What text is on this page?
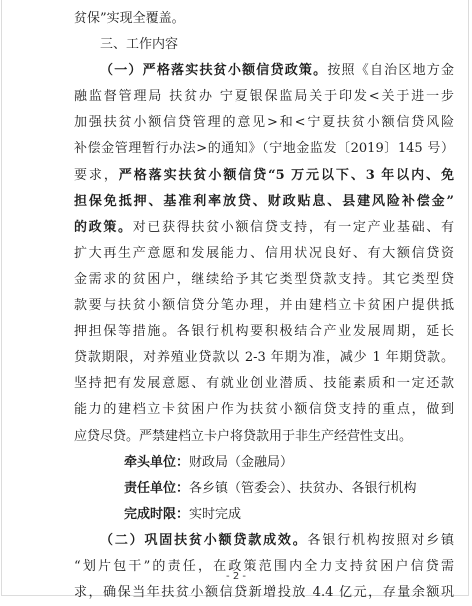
贫保”实现全覆盖。
三、工作内容
（一）严格落实扶贫小额信贷政策。按照《自治区地方金
融监督管理局 扶贫办 宁夏银保监局关于印发<关于进一步
加强扶贫小额信贷管理的意见>和<宁夏扶贫小额信贷风险
补偿金管理暂行办法>的通知》（宁地金监发〔2019〕145 号）
要求，严格落实扶贫小额信贷“5 万元以下、3 年以内、免
担保免抵押、基准利率放贷、财政贴息、县建风险补偿金”
的政策。对已获得扶贫小额信贷支持，有一定产业基础、有
扩大再生产意愿和发展能力、信用状况良好、有大额信贷资
金需求的贫困户，继续给予其它类型贷款支持。其它类型贷
款要与扶贫小额信贷分笔办理，并由建档立卡贫困户提供抵
押担保等措施。各银行机构要积极结合产业发展周期，延长
贷款期限，对养殖业贷款以 2-3 年期为准，减少 1 年期贷款。
坚持把有发展意愿、有就业创业潜质、技能素质和一定还款
能力的建档立卡贫困户作为扶贫小额信贷支持的重点，做到
应贷尽贷。严禁建档立卡户将贷款用于非生产经营性支出。
牵头单位：财政局（金融局）
责任单位：各乡镇（管委会）、扶贫办、各银行机构
完成时限：实时完成
（二）巩固扶贫小额贷款成效。各银行机构按照对乡镇
“划片包干”的责任，在政策范围内全力支持贫困户信贷需
求，确保当年扶贫小额信贷新增投放 4.4 亿元，存量余额巩
- 2 -
